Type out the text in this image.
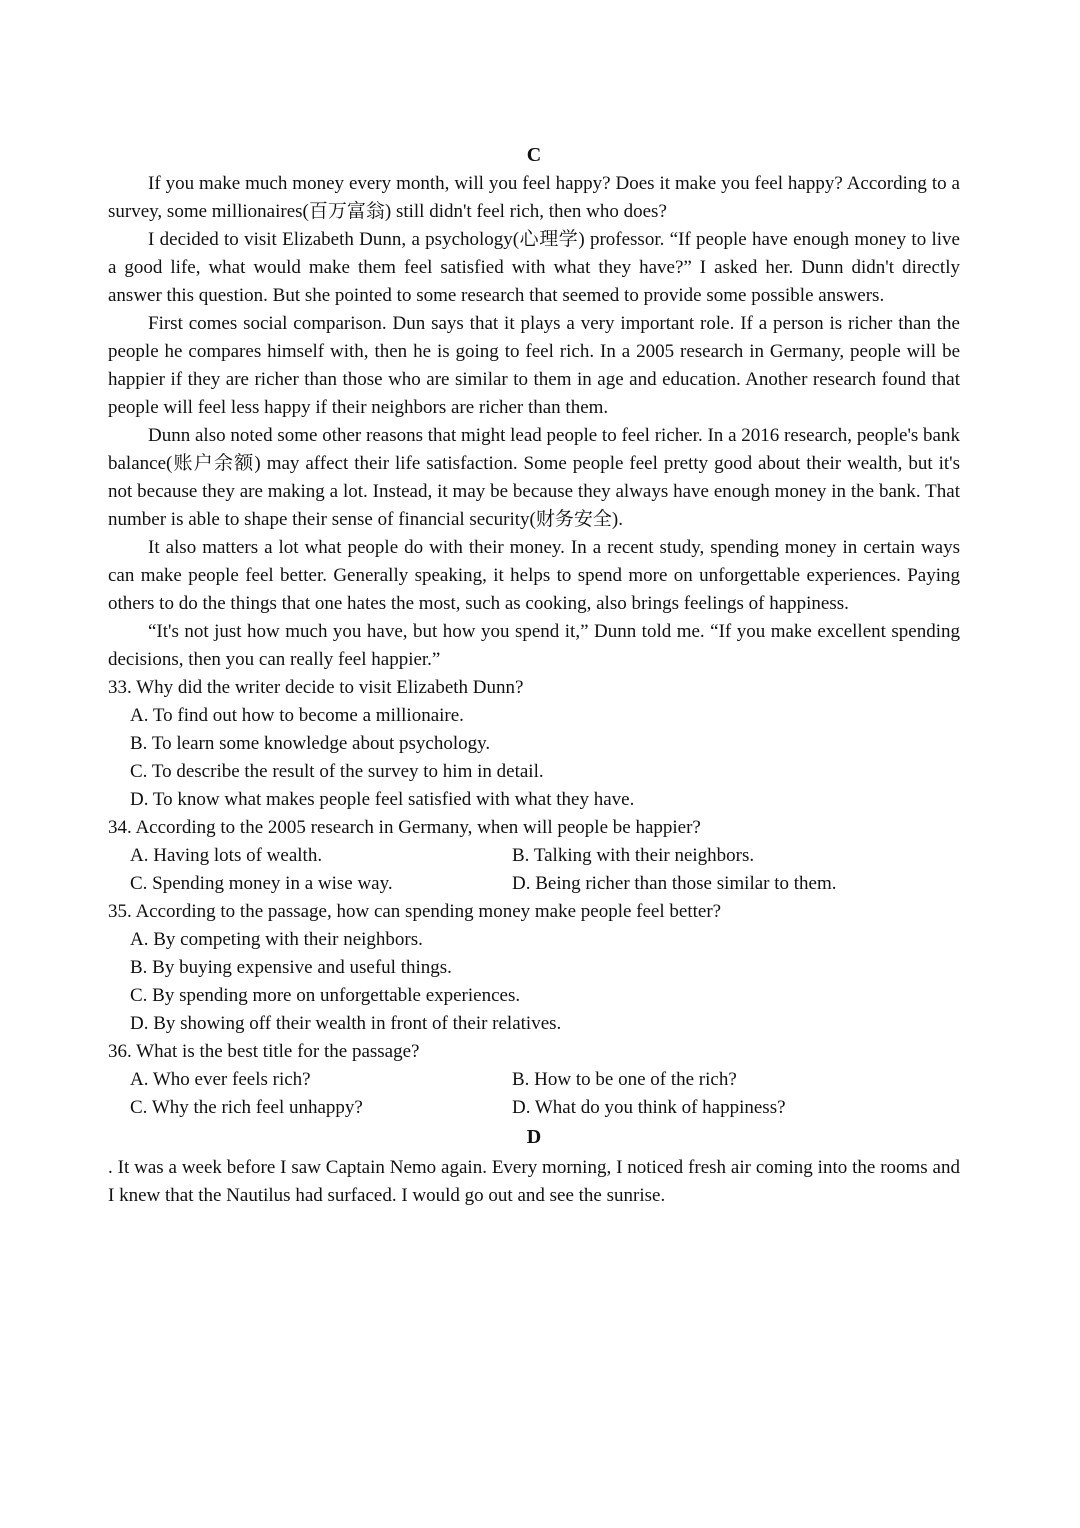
C

If you make much money every month, will you feel happy? Does it make you feel happy? According to a survey, some millionaires(百万富翁) still didn't feel rich, then who does?

I decided to visit Elizabeth Dunn, a psychology(心理学) professor. “If people have enough money to live a good life, what would make them feel satisfied with what they have?” I asked her. Dunn didn't directly answer this question. But she pointed to some research that seemed to provide some possible answers.

First comes social comparison. Dun says that it plays a very important role. If a person is richer than the people he compares himself with, then he is going to feel rich. In a 2005 research in Germany, people will be happier if they are richer than those who are similar to them in age and education. Another research found that people will feel less happy if their neighbors are richer than them.

Dunn also noted some other reasons that might lead people to feel richer. In a 2016 research, people's bank balance(账户余额) may affect their life satisfaction. Some people feel pretty good about their wealth, but it's not because they are making a lot. Instead, it may be because they always have enough money in the bank. That number is able to shape their sense of financial security(财务安全).

It also matters a lot what people do with their money. In a recent study, spending money in certain ways can make people feel better. Generally speaking, it helps to spend more on unforgettable experiences. Paying others to do the things that one hates the most, such as cooking, also brings feelings of happiness.

“It's not just how much you have, but how you spend it,” Dunn told me. “If you make excellent spending decisions, then you can really feel happier.”

33. Why did the writer decide to visit Elizabeth Dunn?

A. To find out how to become a millionaire.

B. To learn some knowledge about psychology.

C. To describe the result of the survey to him in detail.

D. To know what makes people feel satisfied with what they have.

34. According to the 2005 research in Germany, when will people be happier?

A. Having lots of wealth.	B. Talking with their neighbors.
C. Spending money in a wise way.	D. Being richer than those similar to them.

35. According to the passage, how can spending money make people feel better?

A. By competing with their neighbors.

B. By buying expensive and useful things.

C. By spending more on unforgettable experiences.

D. By showing off their wealth in front of their relatives.

36. What is the best title for the passage?

A. Who ever feels rich?	B. How to be one of the rich?
C. Why the rich feel unhappy?	D. What do you think of happiness?
D

. It was a week before I saw Captain Nemo again. Every morning, I noticed fresh air coming into the rooms and I knew that the Nautilus had surfaced. I would go out and see the sunrise.
